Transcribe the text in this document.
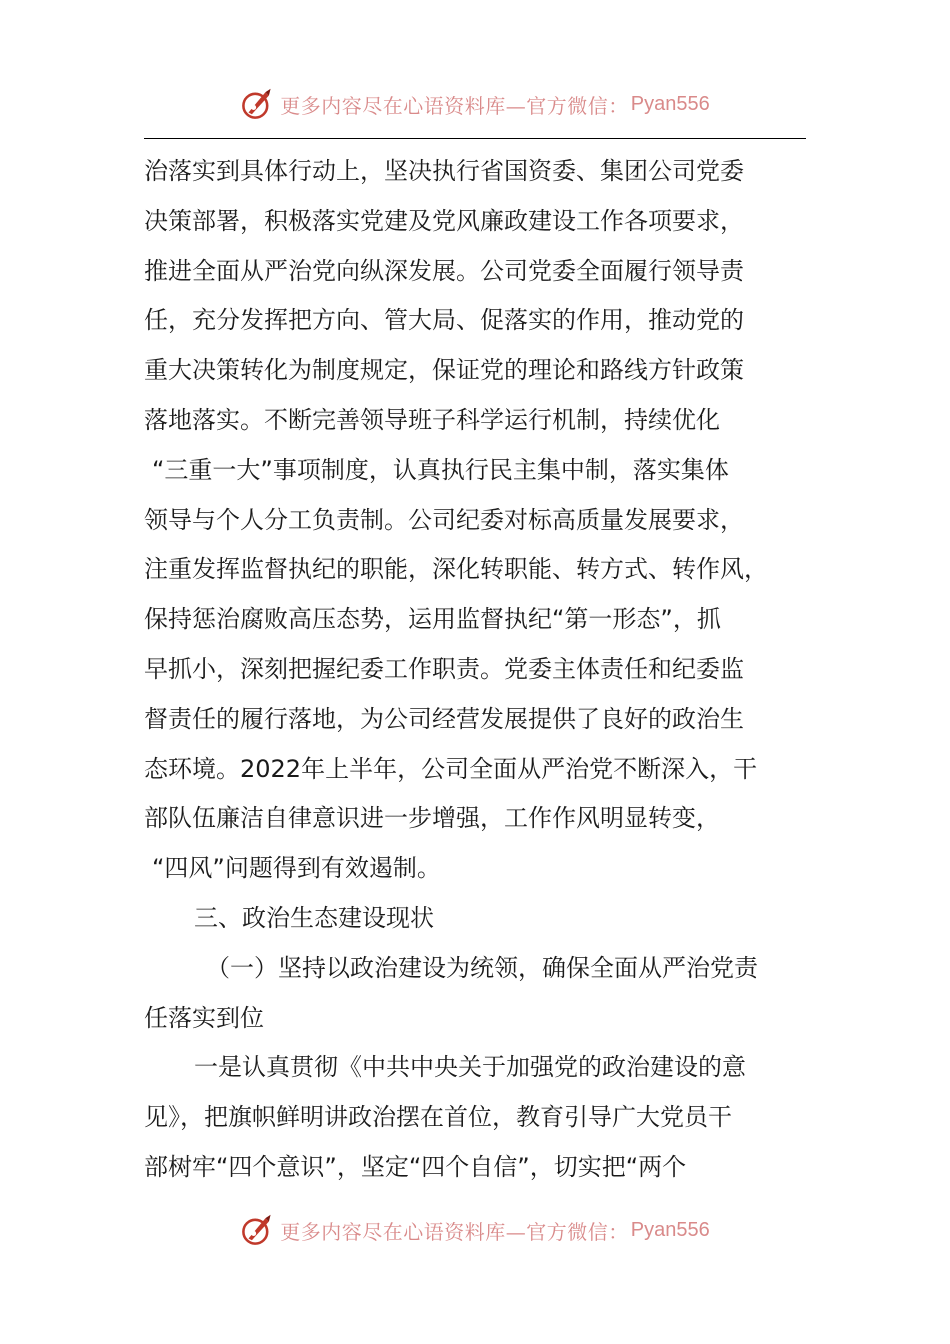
更多内容尽在心语资料库—官方微信： Pyan556
治落实到具体行动上，坚决执行省国资委、集团公司党委
决策部署，积极落实党建及党风廉政建设工作各项要求，
推进全面从严治党向纵深发展。公司党委全面履行领导责
任，充分发挥把方向、管大局、促落实的作用，推动党的
重大决策转化为制度规定，保证党的理论和路线方针政策
落地落实。不断完善领导班子科学运行机制，持续优化
“三重一大”事项制度，认真执行民主集中制，落实集体
领导与个人分工负责制。公司纪委对标高质量发展要求，
注重发挥监督执纪的职能，深化转职能、转方式、转作风，
保持惩治腐败高压态势，运用监督执纪“第一形态”，抓
早抓小，深刻把握纪委工作职责。党委主体责任和纪委监
督责任的履行落地，为公司经营发展提供了良好的政治生
态环境。2022年上半年，公司全面从严治党不断深入，干
部队伍廉洁自律意识进一步增强，工作作风明显转变，
“四风”问题得到有效遏制。
三、政治生态建设现状
（一）坚持以政治建设为统领，确保全面从严治党责
任落实到位
一是认真贯彻《中共中央关于加强党的政治建设的意
见》，把旗帜鲜明讲政治摆在首位，教育引导广大党员干
部树牢“四个意识”，坚定“四个自信”，切实把“两个
更多内容尽在心语资料库—官方微信： Pyan556
